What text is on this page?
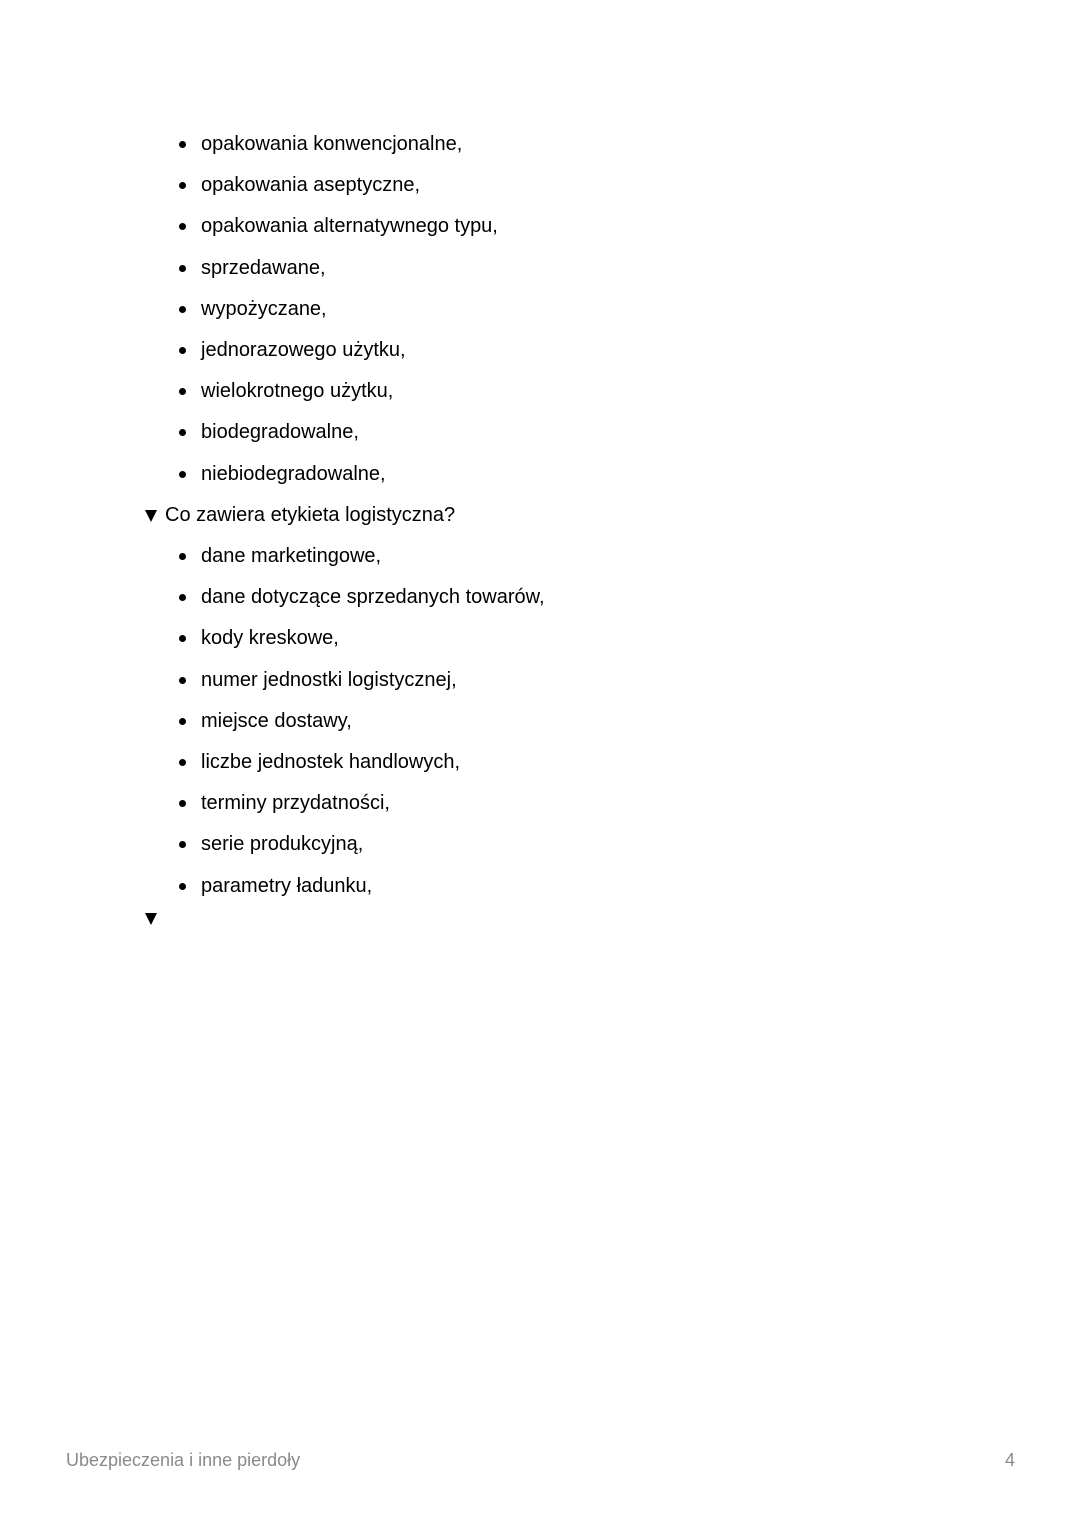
opakowania konwencjonalne,
opakowania aseptyczne,
opakowania alternatywnego typu,
sprzedawane,
wypożyczane,
jednorazowego użytku,
wielokrotnego użytku,
biodegradowalne,
niebiodegradowalne,
Co zawiera etykieta logistyczna?
dane marketingowe,
dane dotyczące sprzedanych towarów,
kody kreskowe,
numer jednostki logistycznej,
miejsce dostawy,
liczbe jednostek handlowych,
terminy przydatności,
serie produkcyjną,
parametry ładunku,
Ubezpieczenia i inne pierdoły	4
